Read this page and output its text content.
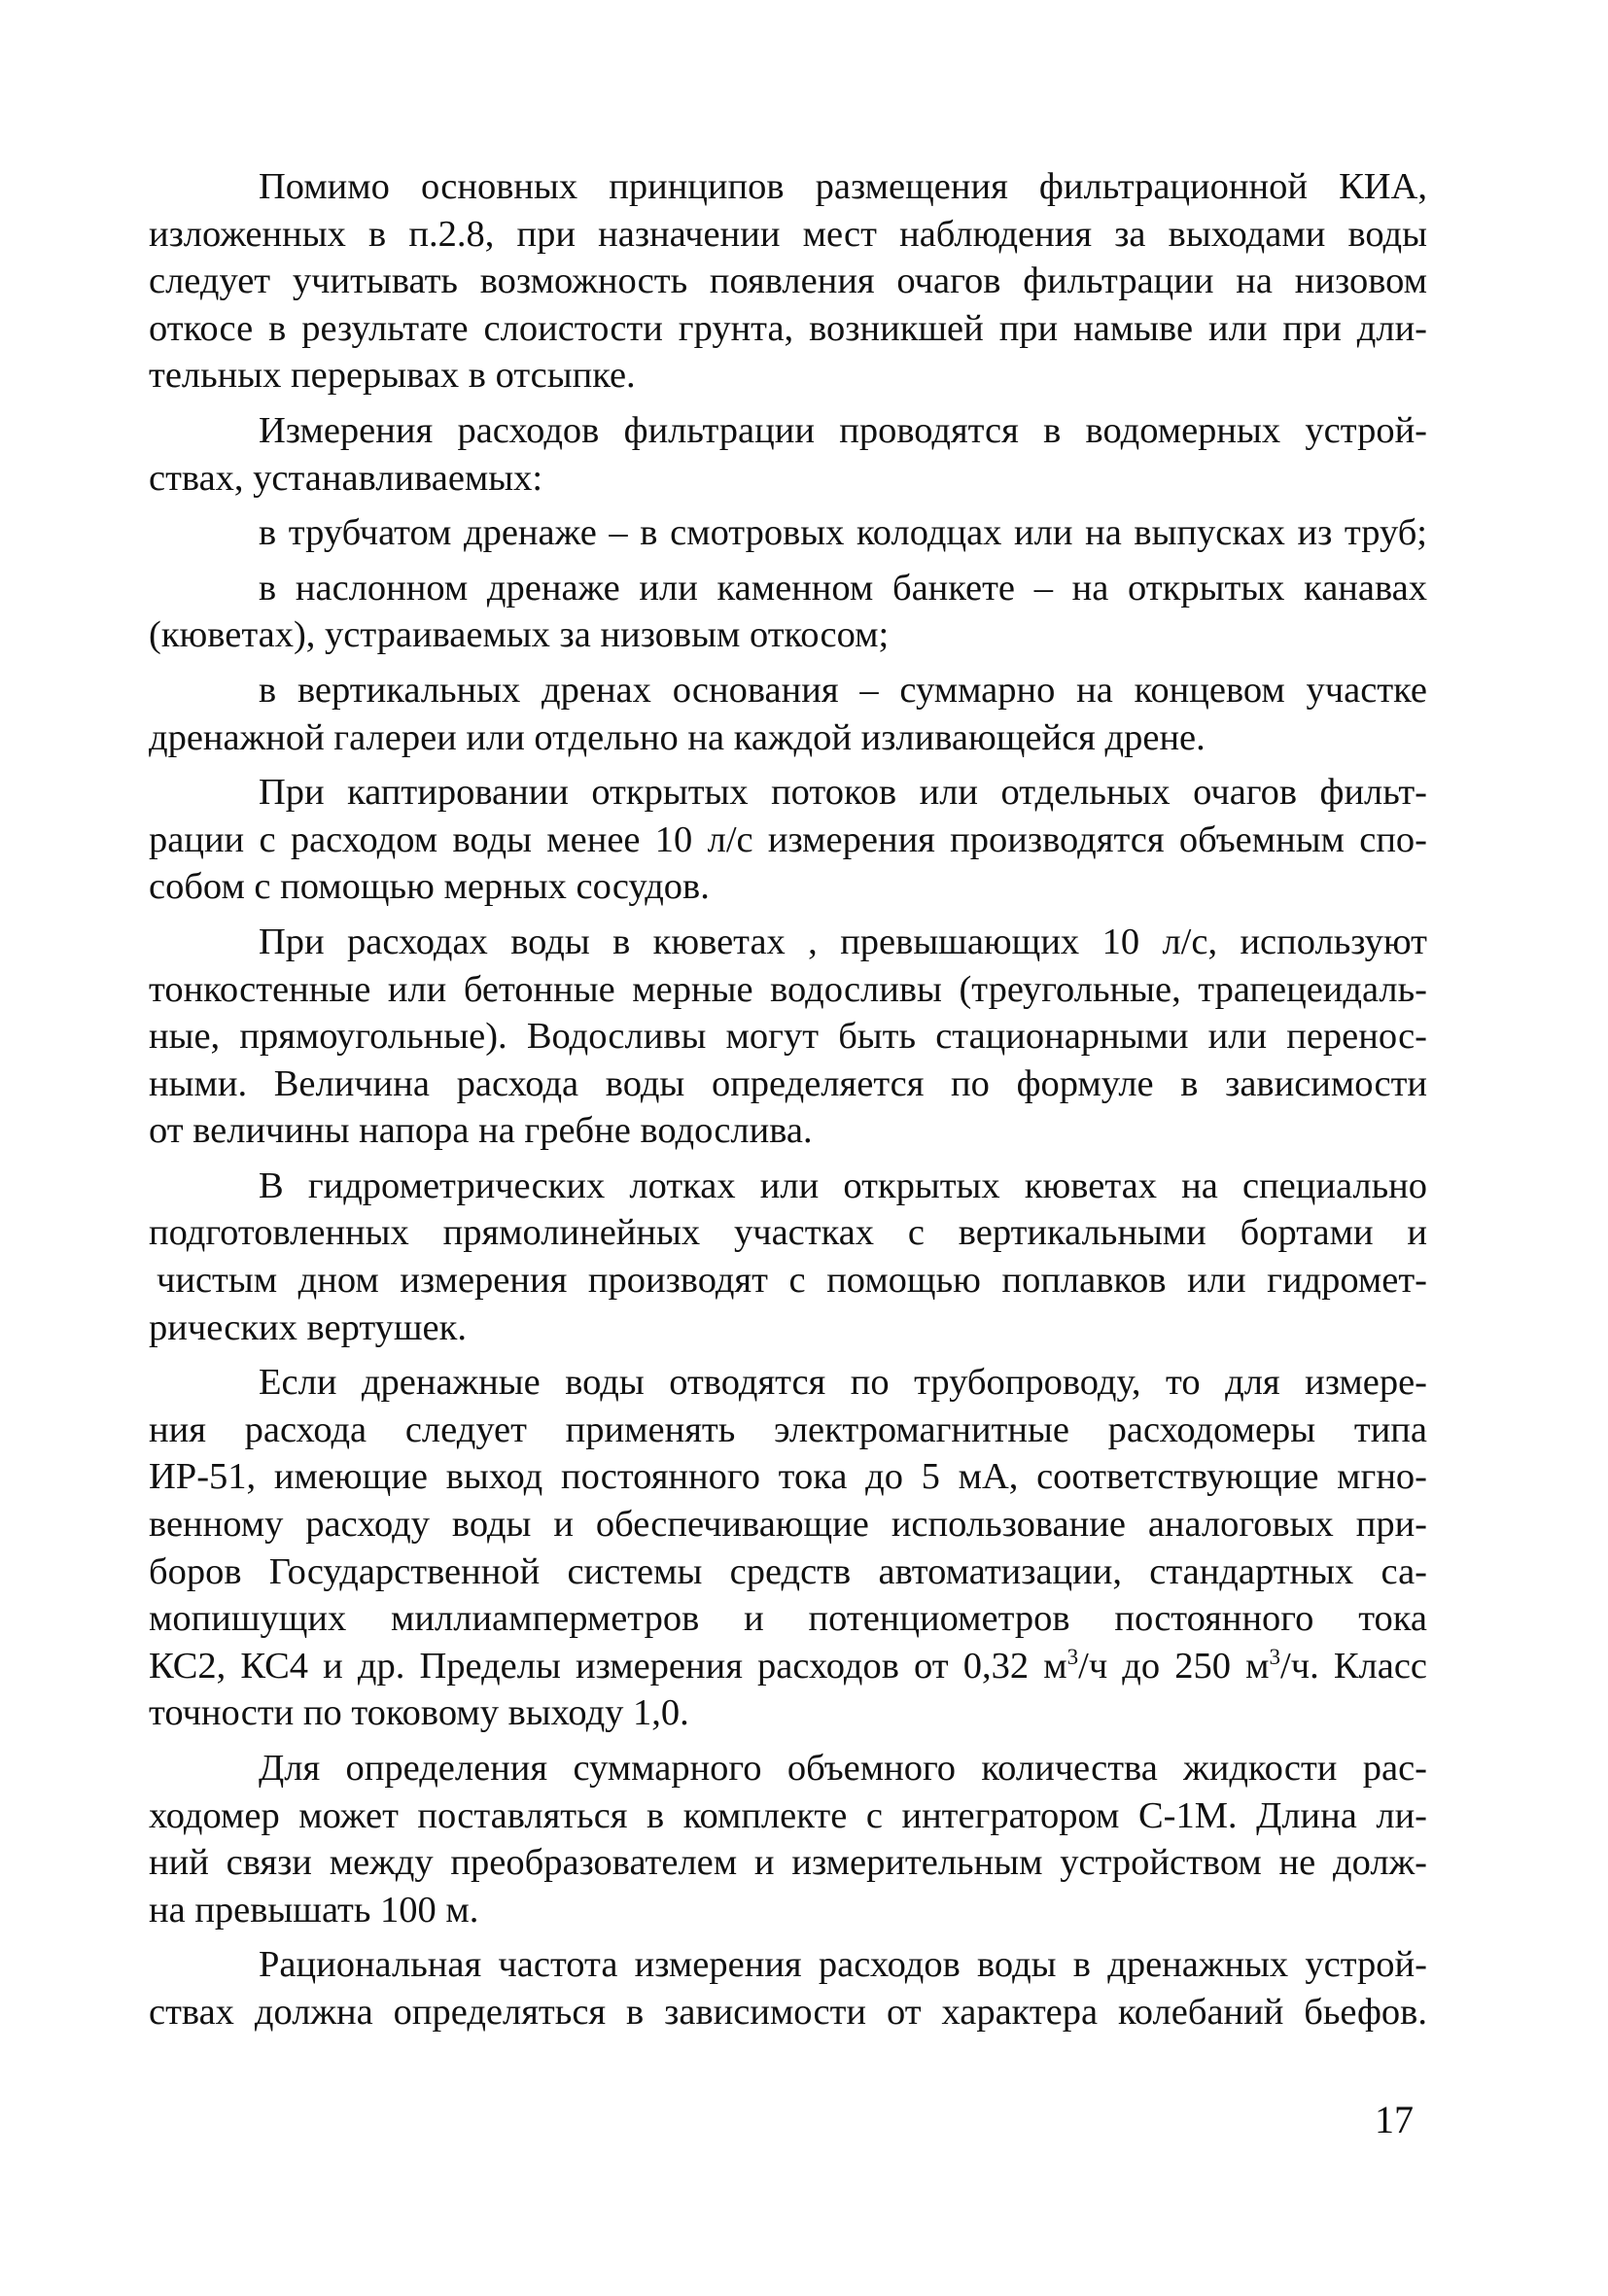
Помимо основных принципов размещения фильтрационной КИА,
изложенных в п.2.8, при назначении мест наблюдения за выходами воды
следует учитывать возможность появления очагов фильтрации на низовом
откосе в результате слоистости грунта, возникшей при намыве или при дли-
тельных перерывах в отсыпке.
Измерения расходов фильтрации проводятся в водомерных устрой-
ствах, устанавливаемых:
в трубчатом дренаже – в смотровых колодцах или на выпусках из труб;
в наслонном дренаже или каменном банкете – на открытых канавах
(кюветах), устраиваемых за низовым откосом;
в вертикальных дренах основания – суммарно на концевом участке
дренажной галереи или отдельно на каждой изливающейся дрене.
При каптировании открытых потоков или отдельных очагов фильт-
рации с расходом воды менее 10 л/с измерения производятся объемным спо-
собом с помощью мерных сосудов.
При расходах воды в кюветах , превышающих 10 л/с, используют
тонкостенные или бетонные мерные водосливы (треугольные, трапецеидаль-
ные, прямоугольные). Водосливы могут быть стационарными или перенос-
ными. Величина расхода воды определяется по формуле в зависимости
от величины напора на гребне водослива.
В гидрометрических лотках или открытых кюветах на специально
подготовленных прямолинейных участках с вертикальными бортами и
чистым дном измерения производят с помощью поплавков или гидромет-
рических вертушек.
Если дренажные воды отводятся по трубопроводу, то для измере-
ния расхода следует применять электромагнитные расходомеры типа
ИР-51, имеющие выход постоянного тока до 5 мА, соответствующие мгно-
венному расходу воды и обеспечивающие использование аналоговых при-
боров Государственной системы средств автоматизации, стандартных са-
мопишущих миллиамперметров и потенциометров постоянного тока
КС2, КС4 и др. Пределы измерения расходов от 0,32 $м^3/ч$ до 250 $м^3/ч$. Класс
точности по токовому выходу 1,0.
Для определения суммарного объемного количества жидкости рас-
ходомер может поставляться в комплекте с интегратором С-1М. Длина ли-
ний связи между преобразователем и измерительным устройством не долж-
на превышать 100 м.
Рациональная частота измерения расходов воды в дренажных устрой-
ствах должна определяться в зависимости от характера колебаний бьефов.
17
